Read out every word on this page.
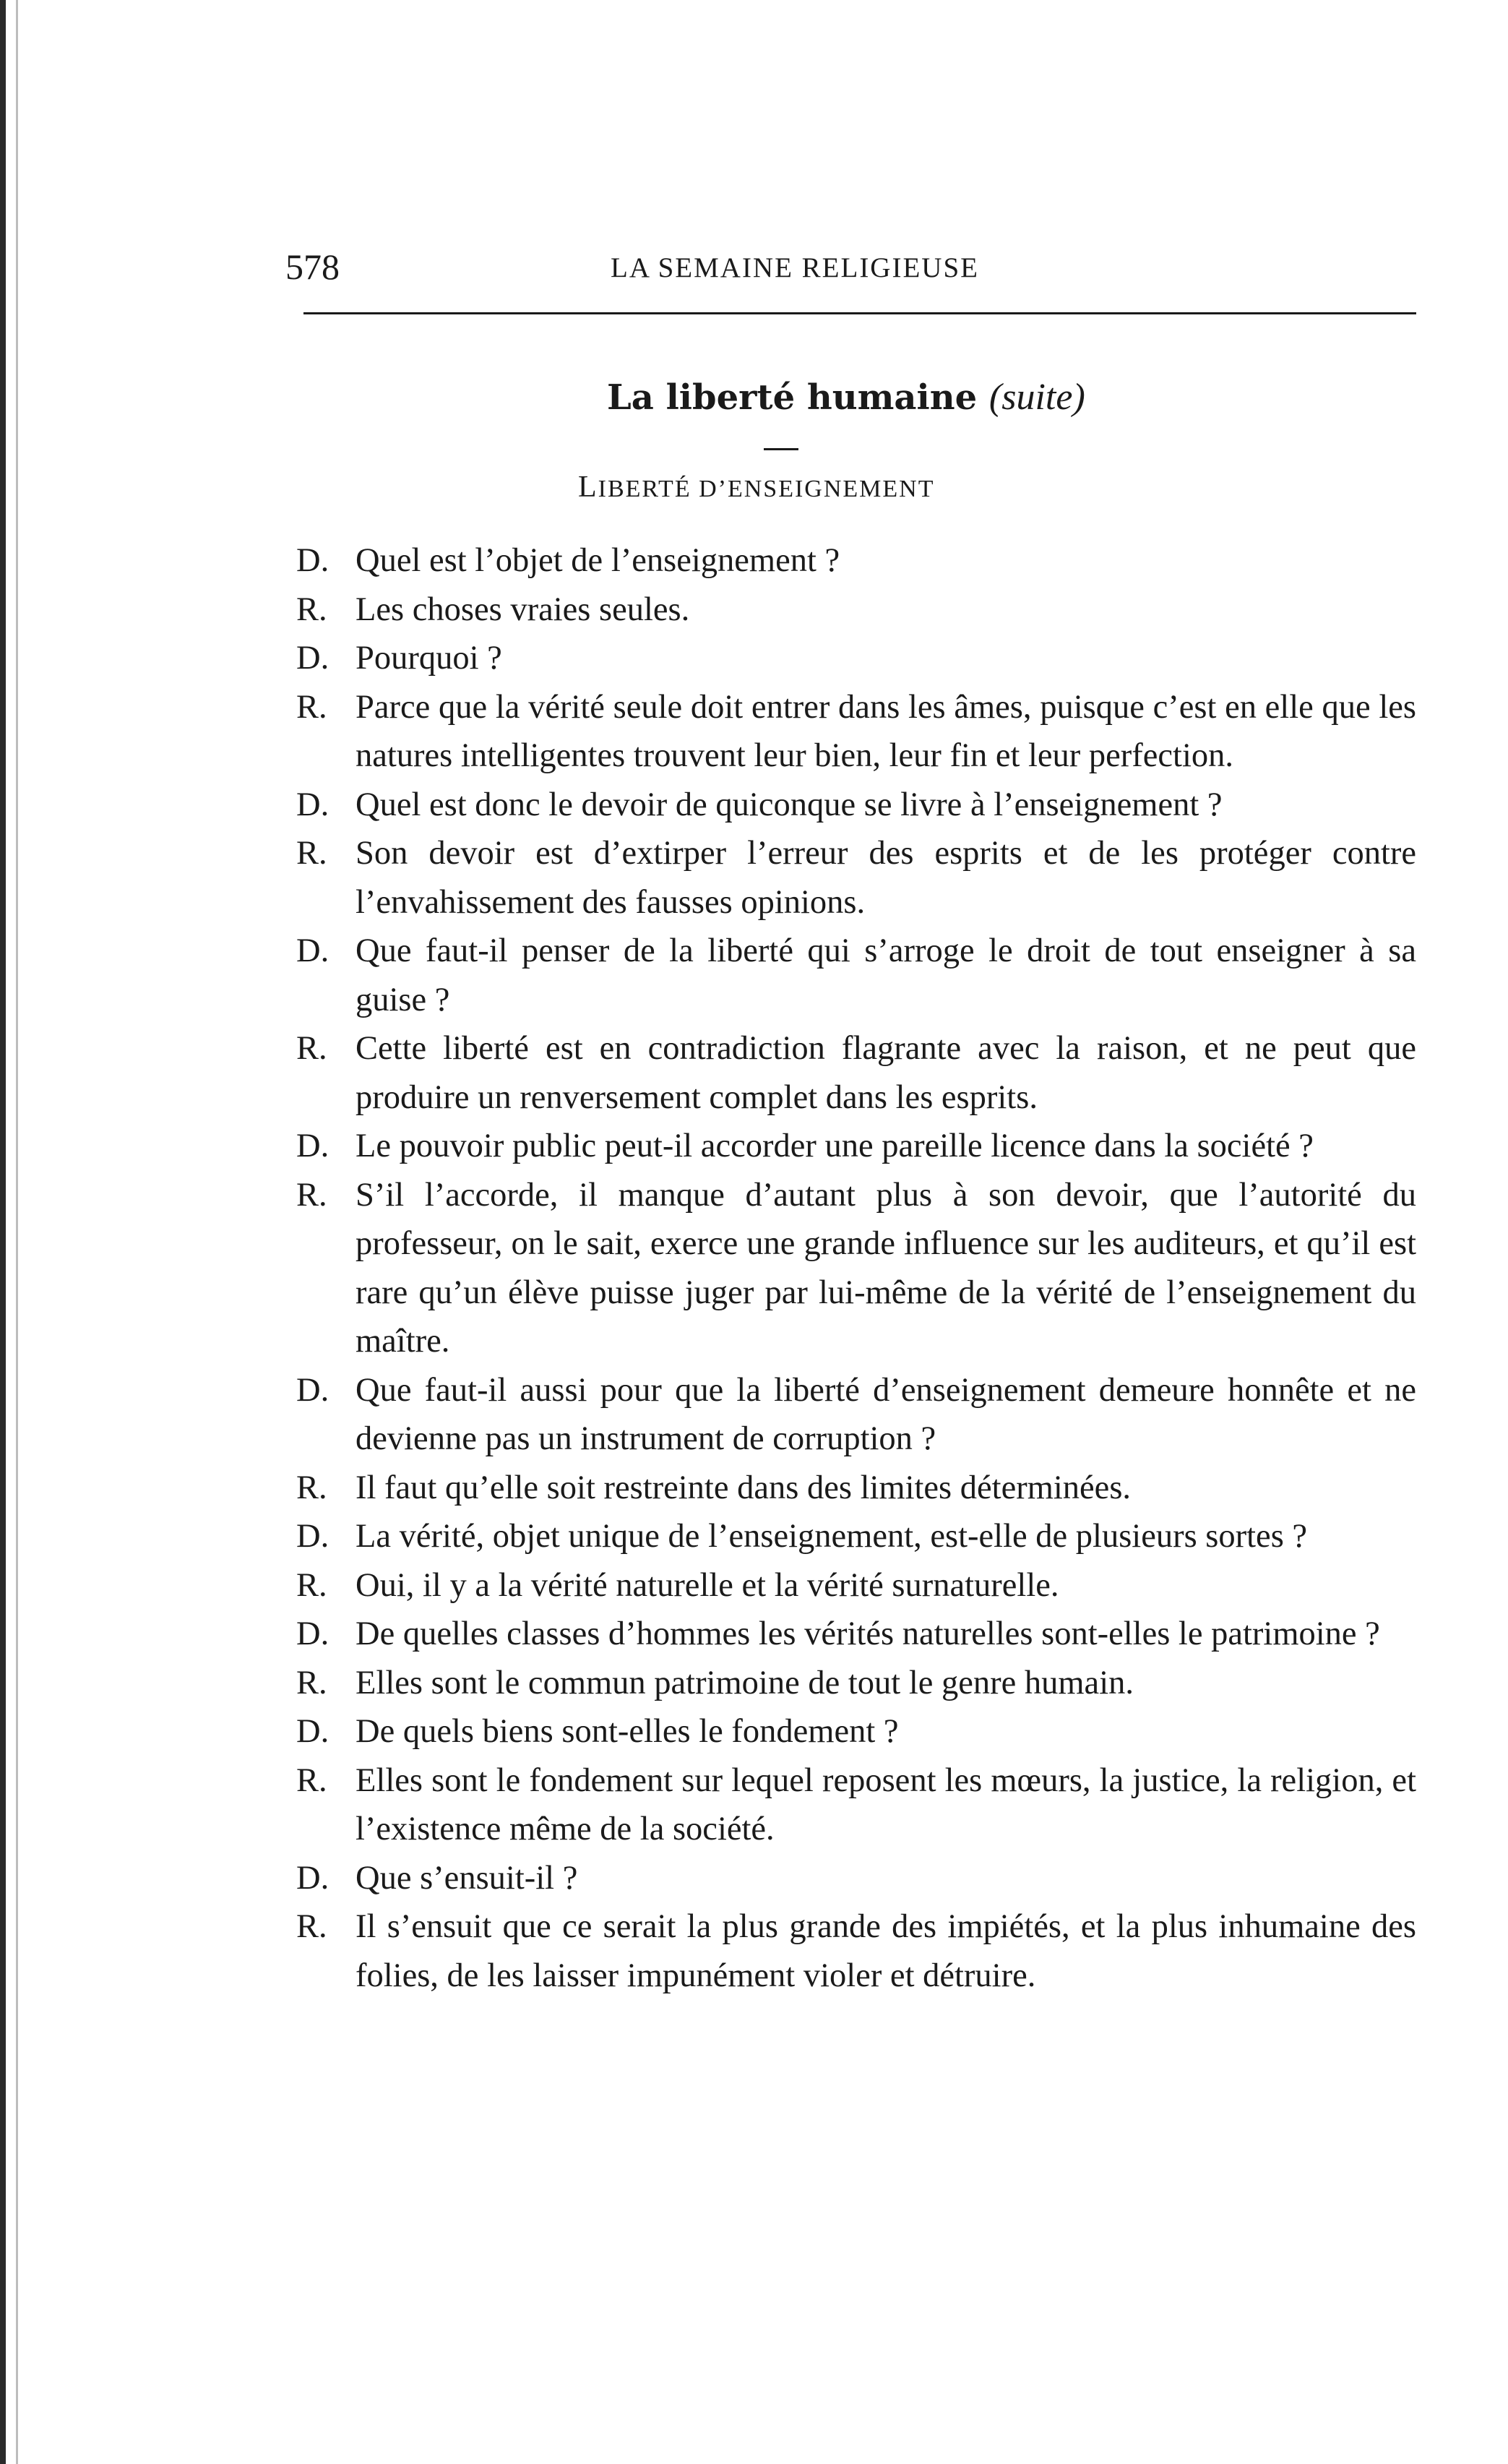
578	LA SEMAINE RELIGIEUSE
La liberté humaine (suite)
LIBERTÉ D’ENSEIGNEMENT
D. Quel est l’objet de l’enseignement ?
R. Les choses vraies seules.
D. Pourquoi ?
R. Parce que la vérité seule doit entrer dans les âmes, puisque c’est en elle que les natures intelligentes trouvent leur bien, leur fin et leur perfection.
D. Quel est donc le devoir de quiconque se livre à l’enseignement ?
R. Son devoir est d’extirper l’erreur des esprits et de les protéger contre l’envahissement des fausses opinions.
D. Que faut-il penser de la liberté qui s’arroge le droit de tout enseigner à sa guise ?
R. Cette liberté est en contradiction flagrante avec la raison, et ne peut que produire un renversement complet dans les esprits.
D. Le pouvoir public peut-il accorder une pareille licence dans la société ?
R. S’il l’accorde, il manque d’autant plus à son devoir, que l’autorité du professeur, on le sait, exerce une grande influence sur les auditeurs, et qu’il est rare qu’un élève puisse juger par lui-même de la vérité de l’enseignement du maître.
D. Que faut-il aussi pour que la liberté d’enseignement demeure honnête et ne devienne pas un instrument de corruption ?
R. Il faut qu’elle soit restreinte dans des limites déterminées.
D. La vérité, objet unique de l’enseignement, est-elle de plusieurs sortes ?
R. Oui, il y a la vérité naturelle et la vérité surnaturelle.
D. De quelles classes d’hommes les vérités naturelles sont-elles le patrimoine ?
R. Elles sont le commun patrimoine de tout le genre humain.
D. De quels biens sont-elles le fondement ?
R. Elles sont le fondement sur lequel reposent les mœurs, la justice, la religion, et l’existence même de la société.
D. Que s’ensuit-il ?
R. Il s’ensuit que ce serait la plus grande des impiétés, et la plus inhumaine des folies, de les laisser impunément violer et détruire.
